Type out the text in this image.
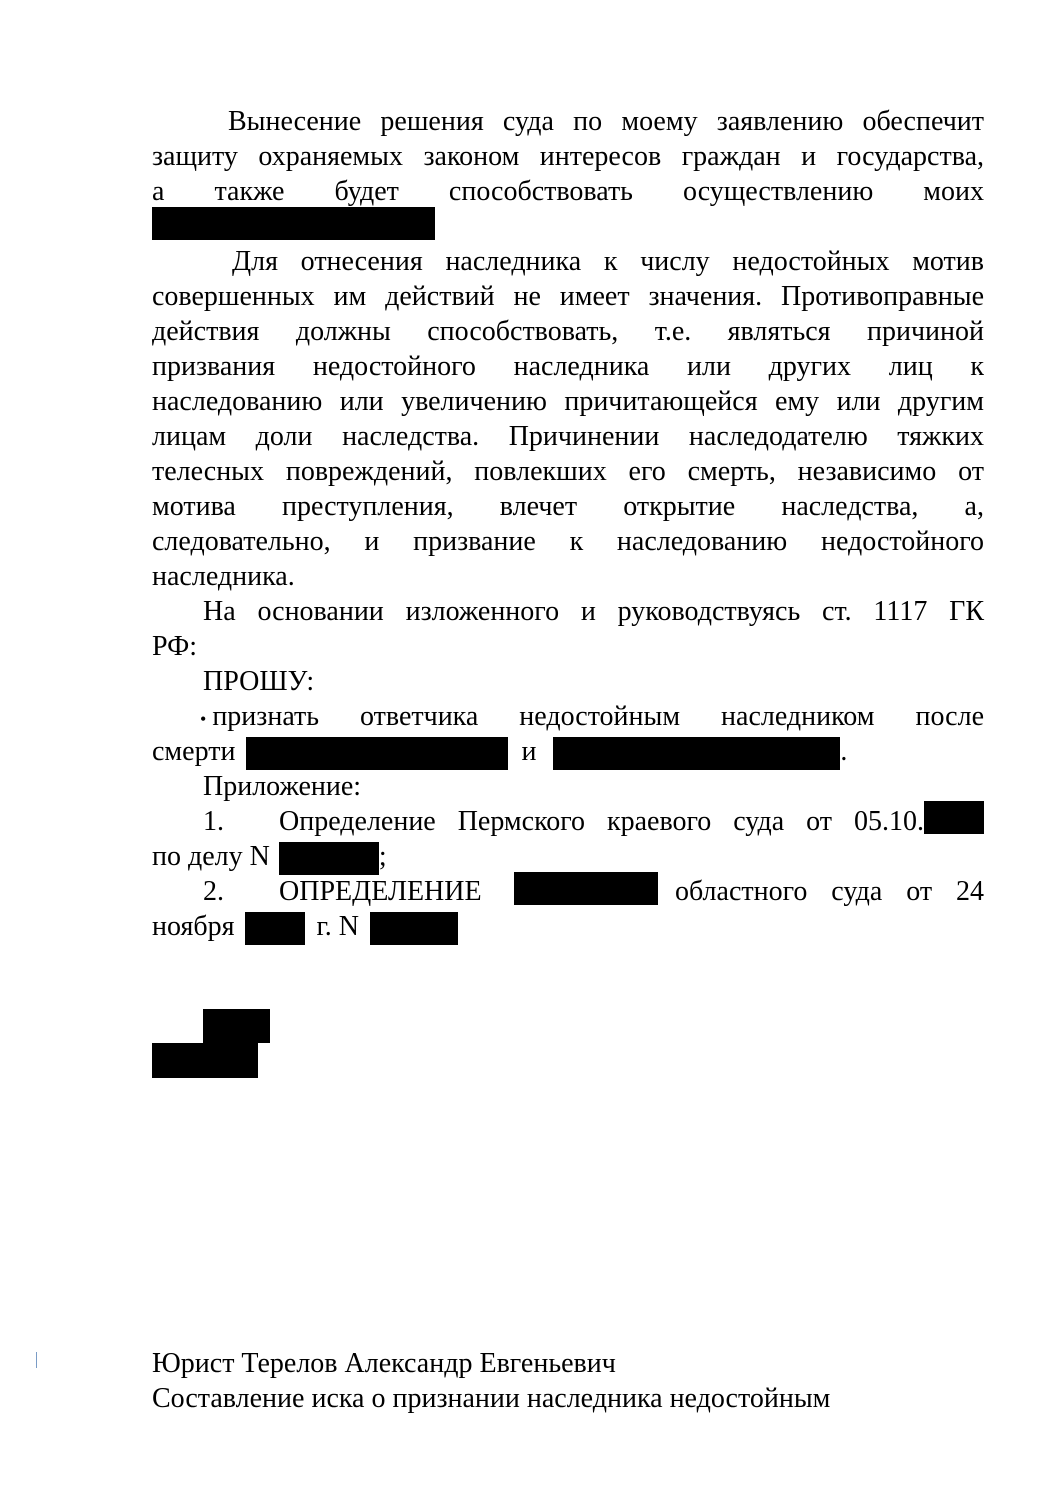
Вынесение решения суда по моему заявлению обеспечит
защиту охраняемых законом интересов граждан и государства,
а также будет способствовать осуществлению моих
Для отнесения наследника к числу недостойных мотив
совершенных им действий не имеет значения. Противоправные
действия должны способствовать, т.е. являться причиной
призвания недостойного наследника или других лиц к
наследованию или увеличению причитающейся ему или другим
лицам доли наследства. Причинении наследодателю тяжких
телесных повреждений, повлекших его смерть, независимо от
мотива преступления, влечет открытие наследства, а,
следовательно, и призвание к наследованию недостойного
наследника.
На основании изложенного и руководствуясь ст. 1117 ГК
РФ:
ПРОШУ:
• признать ответчика недостойным наследником после
смерти	и	.
Приложение:
1. Определение Пермского краевого суда от 05.10.
по делу N	;
2. ОПРЕДЕЛЕНИЕ	областного суда от 24
ноября	г. N
Юрист Терелов Александр Евгеньевич
Составление иска о признании наследника недостойным
